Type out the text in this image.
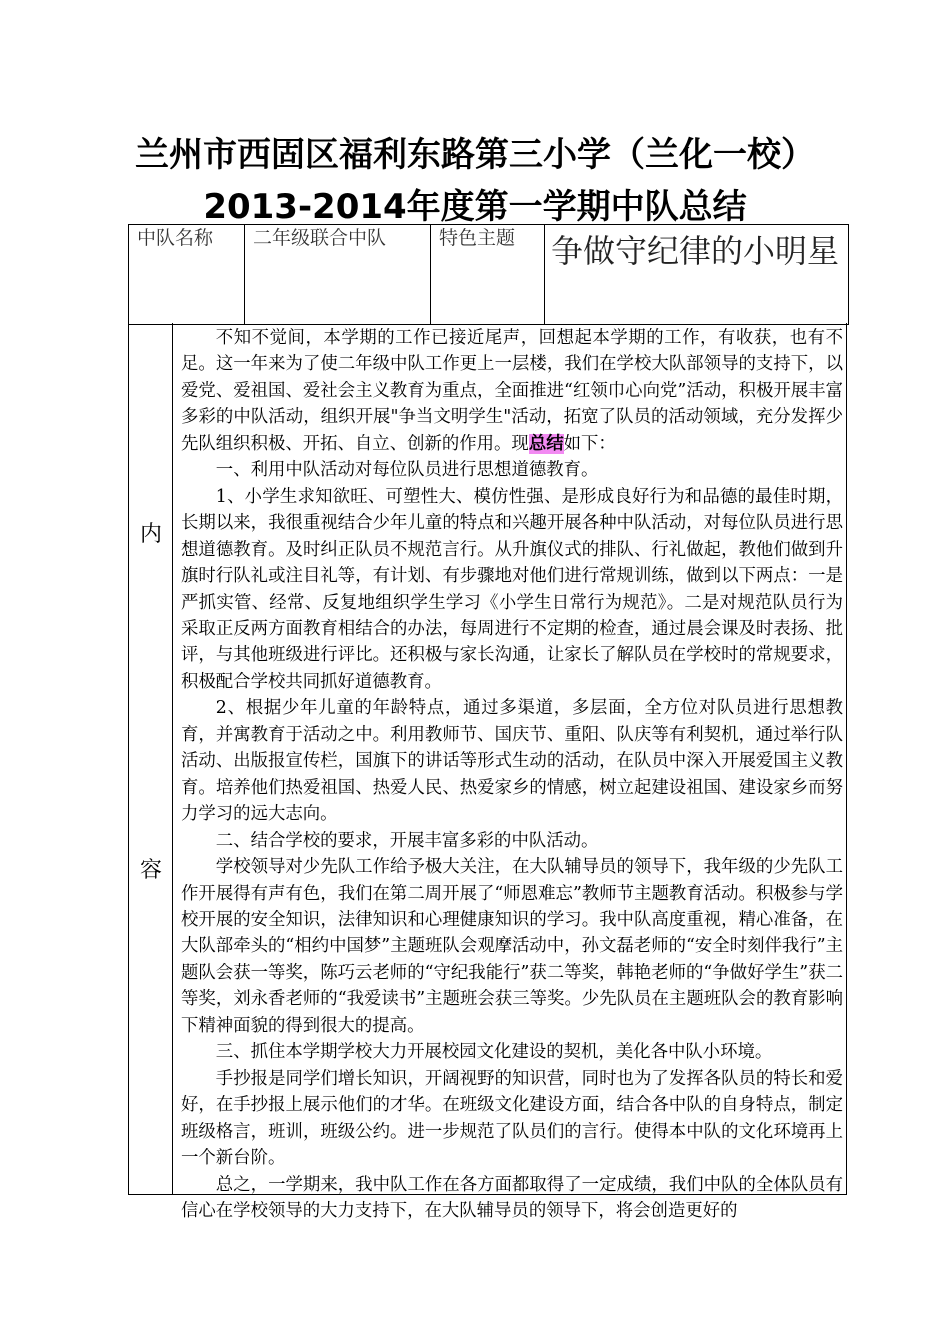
兰州市西固区福利东路第三小学（兰化一校）
2013-2014年度第一学期中队总结
中队名称	二年级联合中队	特色主题	争做守纪律的小明星
内
容

不知不觉间，本学期的工作已接近尾声，回想起本学期的工作，有收获，也有不足。这一年来为了使二年级中队工作更上一层楼，我们在学校大队部领导的支持下，以爱党、爱祖国、爱社会主义教育为重点，全面推进“红领巾心向党”活动，积极开展丰富多彩的中队活动，组织开展"争当文明学生"活动，拓宽了队员的活动领域，充分发挥少先队组织积极、开拓、自立、创新的作用。现总结如下：

一、利用中队活动对每位队员进行思想道德教育。

1、小学生求知欲旺、可塑性大、模仿性强、是形成良好行为和品德的最佳时期，长期以来，我很重视结合少年儿童的特点和兴趣开展各种中队活动，对每位队员进行思想道德教育。及时纠正队员不规范言行。从升旗仪式的排队、行礼做起，教他们做到升旗时行队礼或注目礼等，有计划、有步骤地对他们进行常规训练，做到以下两点：一是严抓实管、经常、反复地组织学生学习《小学生日常行为规范》。二是对规范队员行为采取正反两方面教育相结合的办法，每周进行不定期的检查，通过晨会课及时表扬、批评，与其他班级进行评比。还积极与家长沟通，让家长了解队员在学校时的常规要求，积极配合学校共同抓好道德教育。

2、根据少年儿童的年龄特点，通过多渠道，多层面，全方位对队员进行思想教育，并寓教育于活动之中。利用教师节、国庆节、重阳、队庆等有利契机，通过举行队活动、出版报宣传栏，国旗下的讲话等形式生动的活动，在队员中深入开展爱国主义教育。培养他们热爱祖国、热爱人民、热爱家乡的情感，树立起建设祖国、建设家乡而努力学习的远大志向。

二、结合学校的要求，开展丰富多彩的中队活动。

学校领导对少先队工作给予极大关注，在大队辅导员的领导下，我年级的少先队工作开展得有声有色，我们在第二周开展了“师恩难忘”教师节主题教育活动。积极参与学校开展的安全知识，法律知识和心理健康知识的学习。我中队高度重视，精心准备，在大队部牵头的“相约中国梦”主题班队会观摩活动中，孙文磊老师的“安全时刻伴我行”主题队会获一等奖，陈巧云老师的“守纪我能行”获二等奖，韩艳老师的“争做好学生”获二等奖，刘永香老师的“我爱读书”主题班会获三等奖。少先队员在主题班队会的教育影响下精神面貌的得到很大的提高。

三、抓住本学期学校大力开展校园文化建设的契机，美化各中队小环境。

手抄报是同学们增长知识，开阔视野的知识营，同时也为了发挥各队员的特长和爱好，在手抄报上展示他们的才华。在班级文化建设方面，结合各中队的自身特点，制定班级格言，班训，班级公约。进一步规范了队员们的言行。使得本中队的文化环境再上一个新台阶。

总之，一学期来，我中队工作在各方面都取得了一定成绩，我们中队的全体队员有信心在学校领导的大力支持下，在大队辅导员的领导下，将会创造更好的
